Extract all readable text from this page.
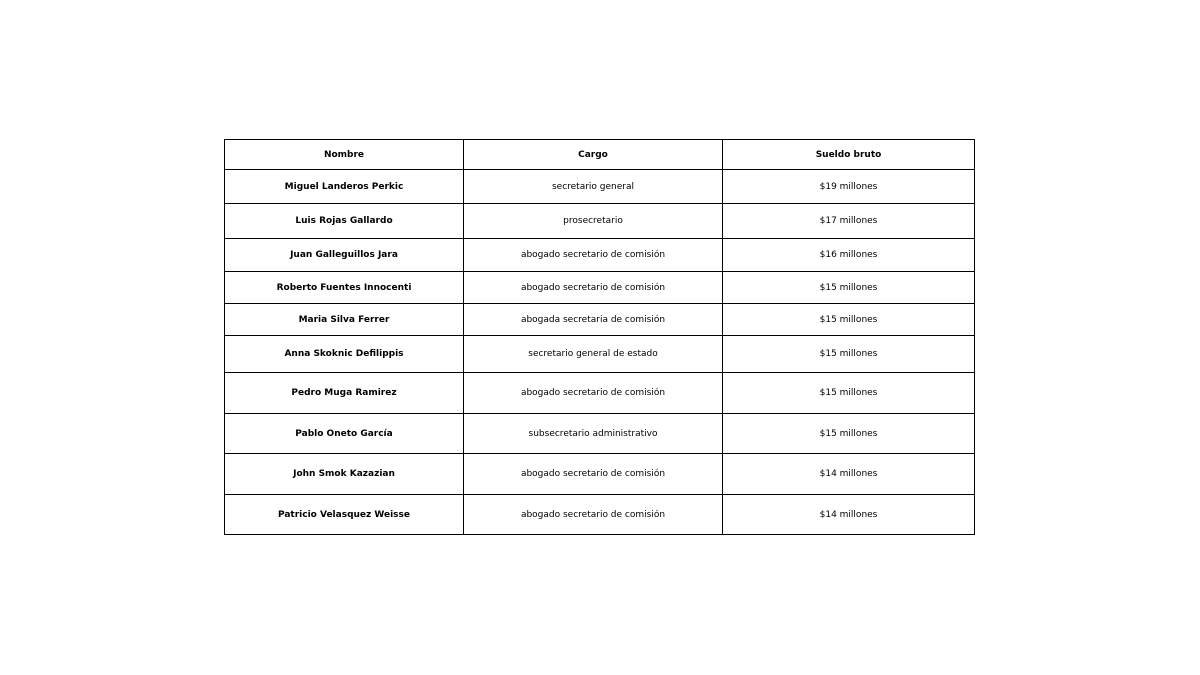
Nombre	Cargo	Sueldo bruto
Miguel Landeros Perkic	secretario general	$19 millones
Luis Rojas Gallardo	prosecretario	$17 millones
Juan Galleguillos Jara	abogado secretario de comisión	$16 millones
Roberto Fuentes Innocenti	abogado secretario de comisión	$15 millones
Maria Silva Ferrer	abogada secretaria de comisión	$15 millones
Anna Skoknic Defilippis	secretario general de estado	$15 millones
Pedro Muga Ramirez	abogado secretario de comisión	$15 millones
Pablo Oneto García	subsecretario administrativo	$15 millones
John Smok Kazazian	abogado secretario de comisión	$14 millones
Patricio Velasquez Weisse	abogado secretario de comisión	$14 millones
